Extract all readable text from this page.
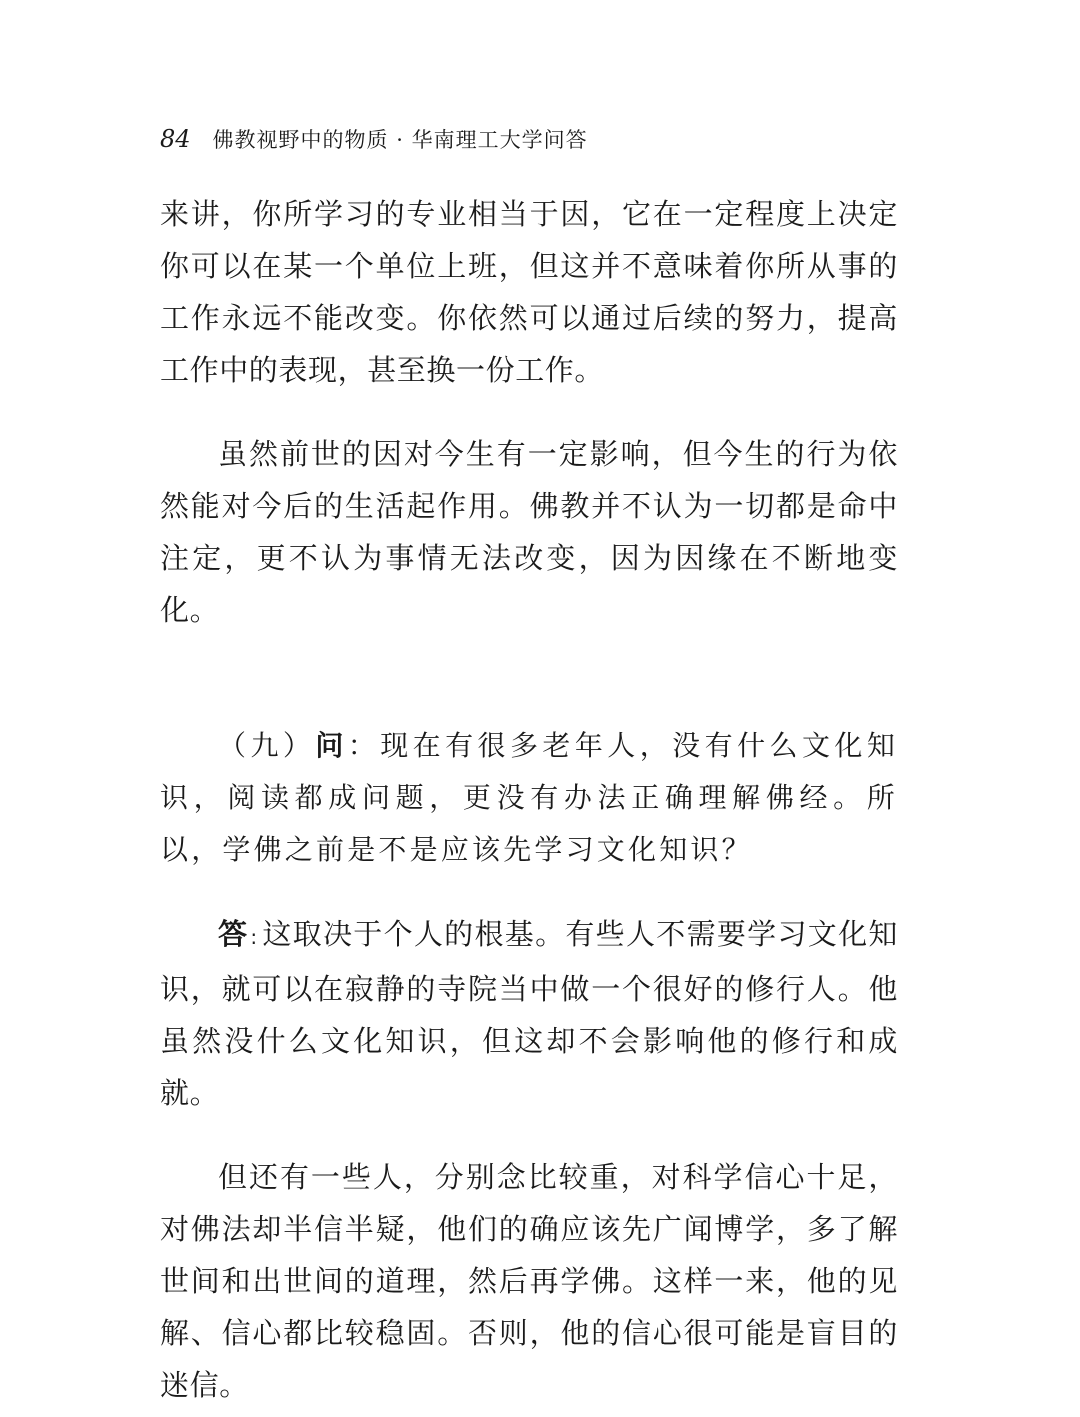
84 佛教视野中的物质 · 华南理工大学问答

来讲，你所学习的专业相当于因，它在一定程度上决定你可以在某一个单位上班，但这并不意味着你所从事的工作永远不能改变。你依然可以通过后续的努力，提高工作中的表现，甚至换一份工作。

虽然前世的因对今生有一定影响，但今生的行为依然能对今后的生活起作用。佛教并不认为一切都是命中注定，更不认为事情无法改变，因为因缘在不断地变化。

（九）问：现在有很多老年人，没有什么文化知识，阅读都成问题，更没有办法正确理解佛经。所以，学佛之前是不是应该先学习文化知识？

答 : 这取决于个人的根基。有些人不需要学习文化知识，就可以在寂静的寺院当中做一个很好的修行人。他虽然没什么文化知识，但这却不会影响他的修行和成就。

但还有一些人，分别念比较重，对科学信心十足，对佛法却半信半疑，他们的确应该先广闻博学，多了解世间和出世间的道理，然后再学佛。这样一来，他的见解、信心都比较稳固。否则，他的信心很可能是盲目的迷信。
